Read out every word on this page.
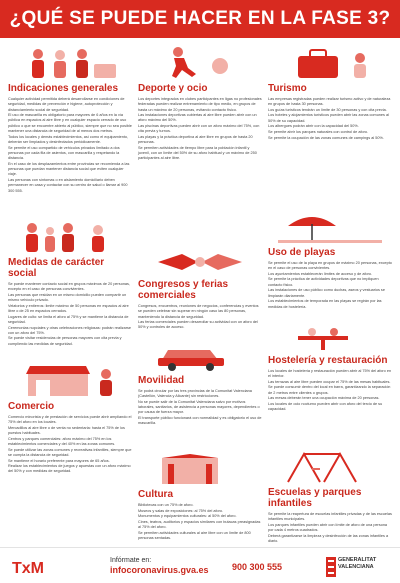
¿QUÉ SE PUEDE HACER EN LA FASE 3?
Indicaciones generales

Cualquier actividad permitida deberá desarrollarse en condiciones de seguridad, medidas de prevención e higiene, autoprotección y distanciamiento social de seguridad.

El uso de mascarilla es obligatorio para mayores de 6 años en la vía pública en espacios al aire libre y en cualquier espacio cerrado de uso público o que se encuentre abierto al público, siempre que no sea posible mantener una distancia de seguridad de al menos dos metros.

Todos los locales y demás establecimientos, así como el equipamiento, deberán ser limpiados y desinfectados periódicamente.

Se permite el uso compartido de vehículos privados limitado a dos personas por cada fila de asientos, con mascarilla y respetando la distancia.

En el caso de los desplazamientos entre provincias se recomienda a las personas que puedan mantener distancia social que eviten cualquier viaje.

Las personas con síntomas o en aislamiento domiciliario deben permanecer en casa y contactar con su centro de salud o llamar al 900 300 555.

Medidas de carácter social

Se puede mantener contacto social en grupos máximos de 20 personas, excepto en el caso de personas convivientes.

Las personas que residan en un mismo domicilio pueden compartir un mismo vehículo privado.

Velatorios y entierros: limite máximo de 50 personas en espacios al aire libre o de 25 en espacios cerrados.

Lugares de culto: se limita el aforo al 75% y se mantiene la distancia de seguridad.

Ceremonias nupciales y otras celebraciones religiosas: podrán realizarse con un aforo del 75%.

Se puede visitar residencias de personas mayores con cita previa y cumpliendo las medidas de seguridad.

Comercio

Comercio minorista y de prestación de servicios puede abrir ampliando el 75% del aforo en los locales.

Mercadillos al aire libre o de venta no sedentaria: hasta el 75% de los puestos habituales.

Centros y parques comerciales: aforo máximo del 75% en los establecimientos comerciales y del 40% en las zonas comunes.

Se puede utilizar las zonas comunes y recreativas infantiles, siempre que se cumpla la distancia de seguridad.

Se mantiene el horario preferente para mayores de 65 años.

Realizar los establecimientos de juegos y apuestas con un aforo máximo del 50% y con medidas de seguridad.

Deporte y ocio

Los deportes integrados en clubes participantes en ligas no profesionales federadas pueden realizar entrenamiento de tipo medio, en grupos de hasta un máximo de 20 personas, evitando contacto físico.

Las instalaciones deportivas cubiertas al aire libre pueden abrir con un aforo máximo del 50%.

Las piscinas deportivas pueden abrir con un aforo máximo del 75%, con cita previa y turnos.

Las playas y la práctica deportiva al aire libre en grupos de hasta 20 personas.

Se permiten actividades de tiempo libre para la población infantil y juvenil, con un límite del 50% de su aforo habitual y un máximo de 250 participantes al aire libre.

Congresos y ferias comerciales

Congresos, encuentros, reuniones de negocios, conferencias y eventos se pueden celebrar sin superar en ningún caso las 80 personas, manteniendo la distancia de seguridad.

Las ferias comerciales pueden desarrollar su actividad con un aforo del 50% y controles de acceso.

Movilidad

Se podrá circular por las tres provincias de la Comunitat Valenciana (Castellón, Valencia y Alicante) sin restricciones.

No se puede salir de la Comunitat Valenciana salvo por motivos laborales, sanitarios, de asistencia a personas mayores, dependientes o por causa de fuerza mayor.

El transporte público funcionará con normalidad y es obligatorio el uso de mascarilla.

Cultura

Bibliotecas con un 75% de aforo.

Museos y salas de exposiciones: al 75% del aforo.

Monumentos y equipamientos culturales: al 50% del aforo.

Cines, teatros, auditorios y espacios similares con butacas preasignadas al 75% del aforo.

Se permiten actividades culturales al aire libre con un límite de 800 personas sentadas.

Turismo

Las empresas registradas pueden realizar turismo activo y de naturaleza en grupos de hasta 30 personas.

Los guías turísticos tendrán un límite de 30 personas y con cita previa.

Los hoteles y alojamientos turísticos pueden abrir las zonas comunes al 50% de su capacidad.

Los albergues podrán abrir con la capacidad del 50%.

Se permite abrir los parques naturales con control de aforo.

Se permite la ocupación de las zonas comunes de campings al 50%.

Uso de playas

Se permite el uso de la playa en grupos de máximo 20 personas, excepto en el caso de personas convivientes.

Los ayuntamientos establecerán límites de acceso y de aforo.

Se permite la práctica de actividades deportivas que no impliquen contacto físico.

Las instalaciones de uso público como duchas, aseos y vestuarios se limpiarán diariamente.

Los establecimientos de temporada en las playas se regirán por las medidas de hostelería.

Hostelería y restauración

Los locales de hostelería y restauración pueden abrir al 75% del aforo en el interior.

Las terrazas al aire libre pueden ocupar el 75% de las mesas habituales.

Se puede consumir dentro del local en barra, garantizando la separación de 2 metros entre clientes o grupos.

Las mesas deberán tener una ocupación máxima de 20 personas.

Los locales de ocio nocturno pueden abrir con aforo del tercio de su capacidad.

Escuelas y parques infantiles

Se permite la reapertura de escuelas infantiles privadas y de las escuelas infantiles municipales.

Los parques infantiles pueden abrir con límite de aforo de una persona por cada 4 metros cuadrados.

Deberá garantizarse la limpieza y desinfección de las zonas infantiles a diario.

TxM	Infórmate en:
infocoronavirus.gva.es	900 300 555
GENERALITAT
VALENCIANA
